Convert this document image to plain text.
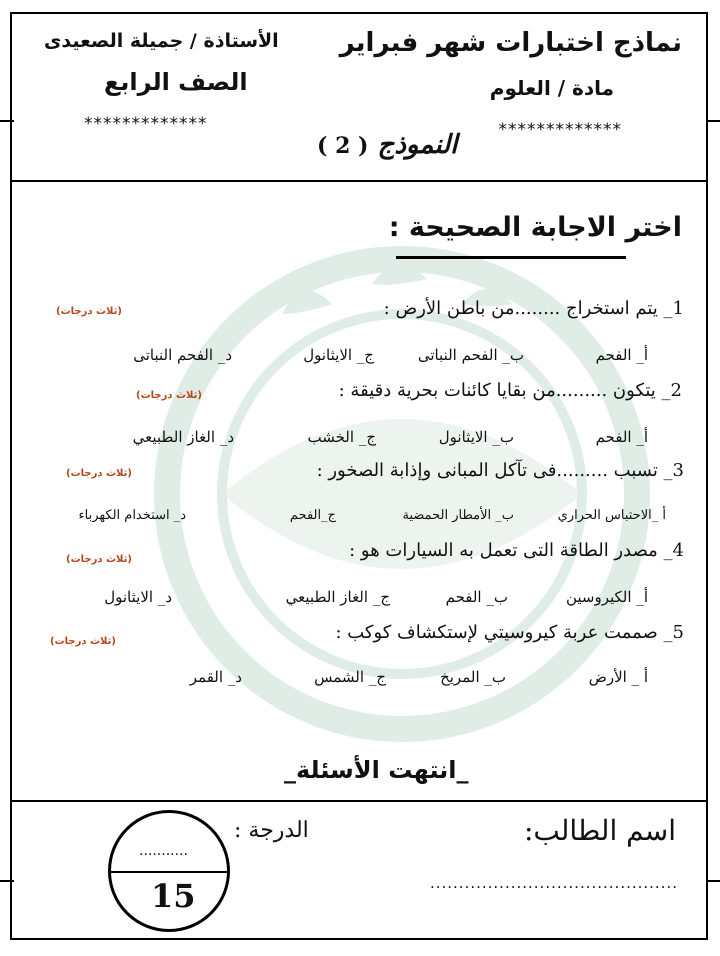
نماذج اختبارات شهر فبراير
مادة / العلوم
الأستاذة / جميلة الصعيدى
الصف الرابع
*************	*************
النموذج ( 2 )
اختر الاجابة الصحيحة :
(ثلاث درجات)	1_ يتم استخراج ........من باطن الأرض :
أ_ الفحم
ب_ الفحم النباتى
ج_ الايثانول
د_ الفحم النباتى
(ثلاث درجات)	2_ يتكون .........من بقايا كائنات بحرية دقيقة :
أ_ الفحم
ب_ الايثانول
ج_ الخشب
د_ الغاز الطبيعي
(ثلاث درجات)	3_ تسبب .........فى تآكل المبانى وإذابة الصخور :
أ _الاحتباس الحراري
ب_ الأمطار الحمضية
ج_الفحم
د_ استخدام الكهرباء
(ثلاث درجات)	4_ مصدر الطاقة التى تعمل به السيارات هو :
أ_ الكيروسين
ب_ الفحم
ج_ الغاز الطبيعي
د_ الايثانول
(ثلاث درجات)	5_ صممت عربة كيروسيتي لإستكشاف كوكب :
أ _ الأرض
ب_ المريخ
ج_ الشمس
د_ القمر
_انتهت الأسئلة_
اسم الطالب:
...........................................
الدرجة :
...........
15
